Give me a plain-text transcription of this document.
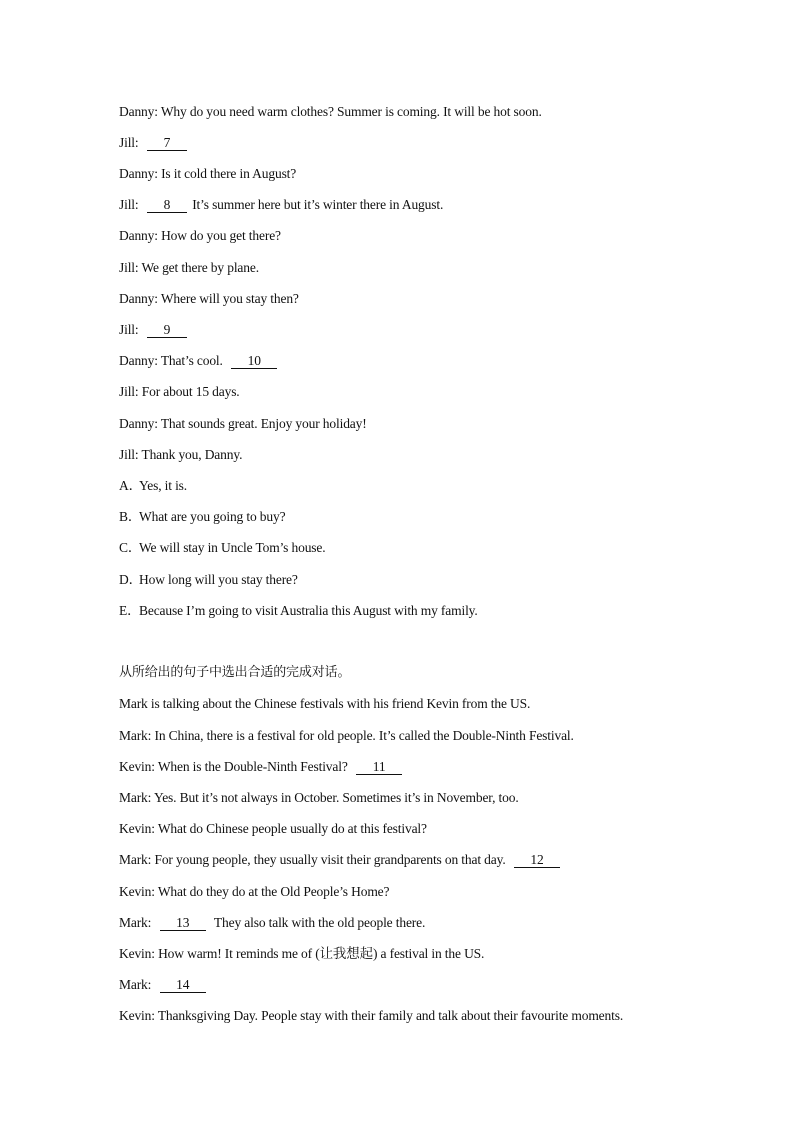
Danny: Why do you need warm clothes? Summer is coming. It will be hot soon.
Jill:  7
Danny: Is it cold there in August?
Jill:  8 It’s summer here but it’s winter there in August.
Danny: How do you get there?
Jill: We get there by plane.
Danny: Where will you stay then?
Jill:  9
Danny: That’s cool.  10
Jill: For about 15 days.
Danny: That sounds great. Enjoy your holiday!
Jill: Thank you, Danny.
A．Yes, it is.
B．What are you going to buy?
C．We will stay in Uncle Tom’s house.
D．How long will you stay there?
E．Because I’m going to visit Australia this August with my family.
从所给出的句子中选出合适的完成对话。
Mark is talking about the Chinese festivals with his friend Kevin from the US.
Mark: In China, there is a festival for old people. It’s called the Double-Ninth Festival.
Kevin: When is the Double-Ninth Festival?  11
Mark: Yes. But it’s not always in October. Sometimes it’s in November, too.
Kevin: What do Chinese people usually do at this festival?
Mark: For young people, they usually visit their grandparents on that day.  12
Kevin: What do they do at the Old People’s Home?
Mark:  13  They also talk with the old people there.
Kevin: How warm! It reminds me of (让我想起) a festival in the US.
Mark:  14
Kevin: Thanksgiving Day. People stay with their family and talk about their favourite moments.
